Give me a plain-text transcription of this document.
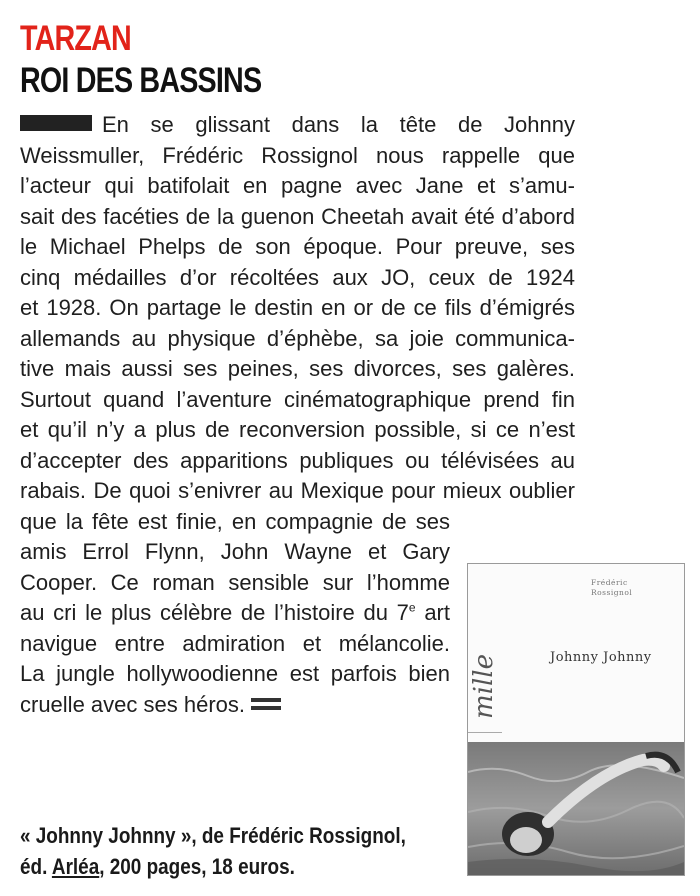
TARZAN
ROI DES BASSINS
En se glissant dans la tête de Johnny
Weissmuller, Frédéric Rossignol nous rappelle que
l’acteur qui batifolait en pagne avec Jane et s’amu-
sait des facéties de la guenon Cheetah avait été d’abord
le Michael Phelps de son époque. Pour preuve, ses
cinq médailles d’or récoltées aux JO, ceux de 1924
et 1928. On partage le destin en or de ce fils d’émigrés
allemands au physique d’éphèbe, sa joie communica-
tive mais aussi ses peines, ses divorces, ses galères.
Surtout quand l’aventure cinématographique prend fin
et qu’il n’y a plus de reconversion possible, si ce n’est
d’accepter des apparitions publiques ou télévisées au
rabais. De quoi s’enivrer au Mexique pour mieux oublier
que la fête est finie, en compagnie de ses
amis Errol Flynn, John Wayne et Gary
Cooper. Ce roman sensible sur l’homme
au cri le plus célèbre de l’histoire du 7e art
navigue entre admiration et mélancolie.
La jungle hollywoodienne est parfois bien
cruelle avec ses héros.
« Johnny Johnny », de Frédéric Rossignol,
éd. Arléa, 200 pages, 18 euros.
Frédéric
Rossignol
Johnny Johnny
mille
